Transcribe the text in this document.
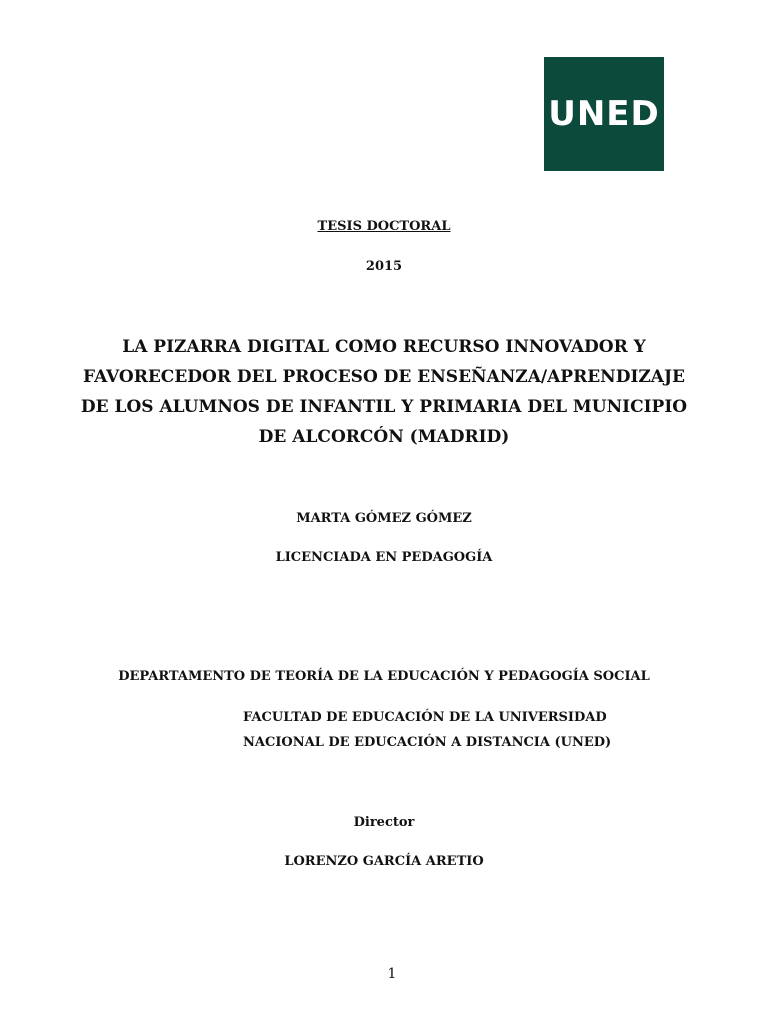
UNED
TESIS DOCTORAL
2015
LA PIZARRA DIGITAL COMO RECURSO INNOVADOR Y
FAVORECEDOR DEL PROCESO DE ENSEÑANZA/APRENDIZAJE
DE LOS ALUMNOS DE INFANTIL Y PRIMARIA DEL MUNICIPIO
DE ALCORCÓN (MADRID)
MARTA GÓMEZ GÓMEZ
LICENCIADA EN PEDAGOGÍA
DEPARTAMENTO DE TEORÍA DE LA EDUCACIÓN Y PEDAGOGÍA SOCIAL
FACULTAD DE EDUCACIÓN DE LA UNIVERSIDAD
NACIONAL DE EDUCACIÓN A DISTANCIA (UNED)
Director
LORENZO GARCÍA ARETIO
1
